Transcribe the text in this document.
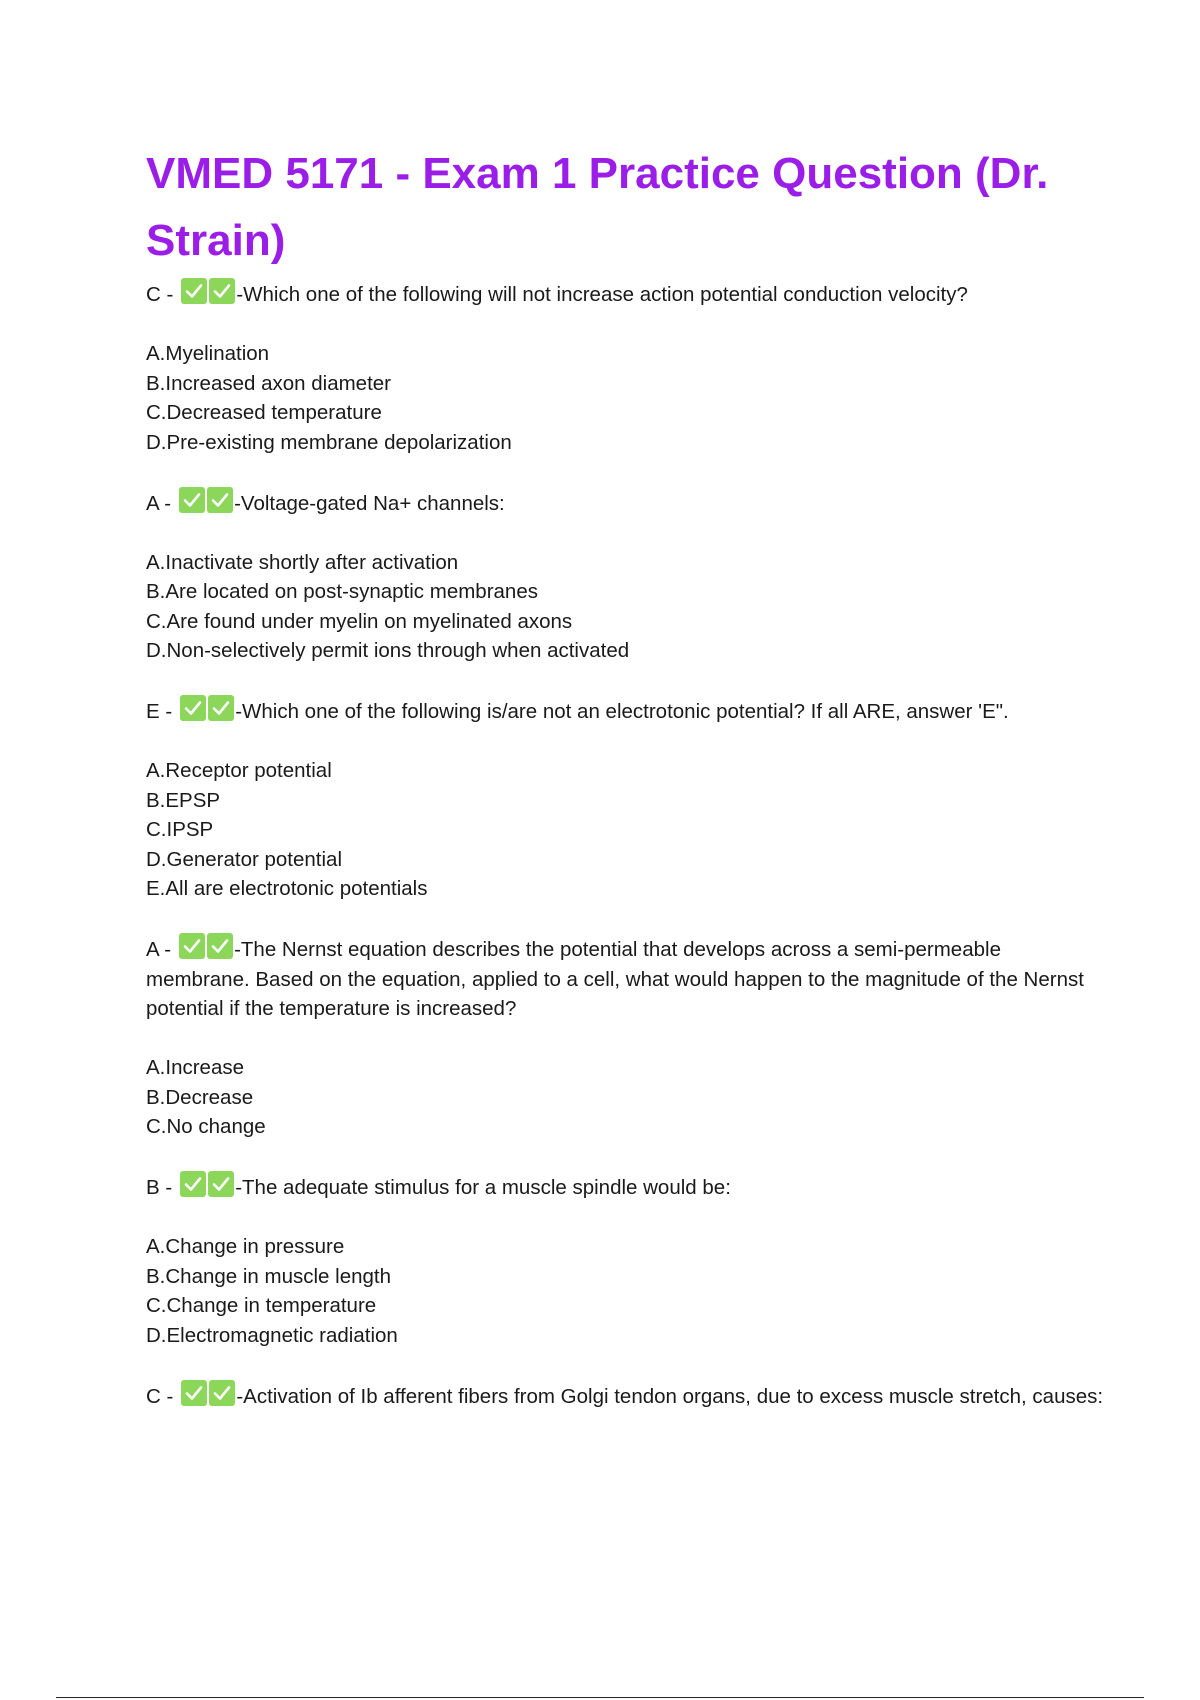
VMED 5171 - Exam 1 Practice Question (Dr. Strain)

C -	-Which one of the following will not increase action potential conduction velocity?

A.Myelination
B.Increased axon diameter
C.Decreased temperature
D.Pre-existing membrane depolarization

A -	-Voltage-gated Na+ channels:

A.Inactivate shortly after activation
B.Are located on post-synaptic membranes
C.Are found under myelin on myelinated axons
D.Non-selectively permit ions through when activated

E -	-Which one of the following is/are not an electrotonic potential? If all ARE, answer 'E".

A.Receptor potential
B.EPSP
C.IPSP
D.Generator potential
E.All are electrotonic potentials

A -	-The Nernst equation describes the potential that develops across a semi-permeable membrane. Based on the equation, applied to a cell, what would happen to the magnitude of the Nernst potential if the temperature is increased?

A.Increase
B.Decrease
C.No change

B -	-The adequate stimulus for a muscle spindle would be:

A.Change in pressure
B.Change in muscle length
C.Change in temperature
D.Electromagnetic radiation

C -	-Activation of Ib afferent fibers from Golgi tendon organs, due to excess muscle stretch, causes:
